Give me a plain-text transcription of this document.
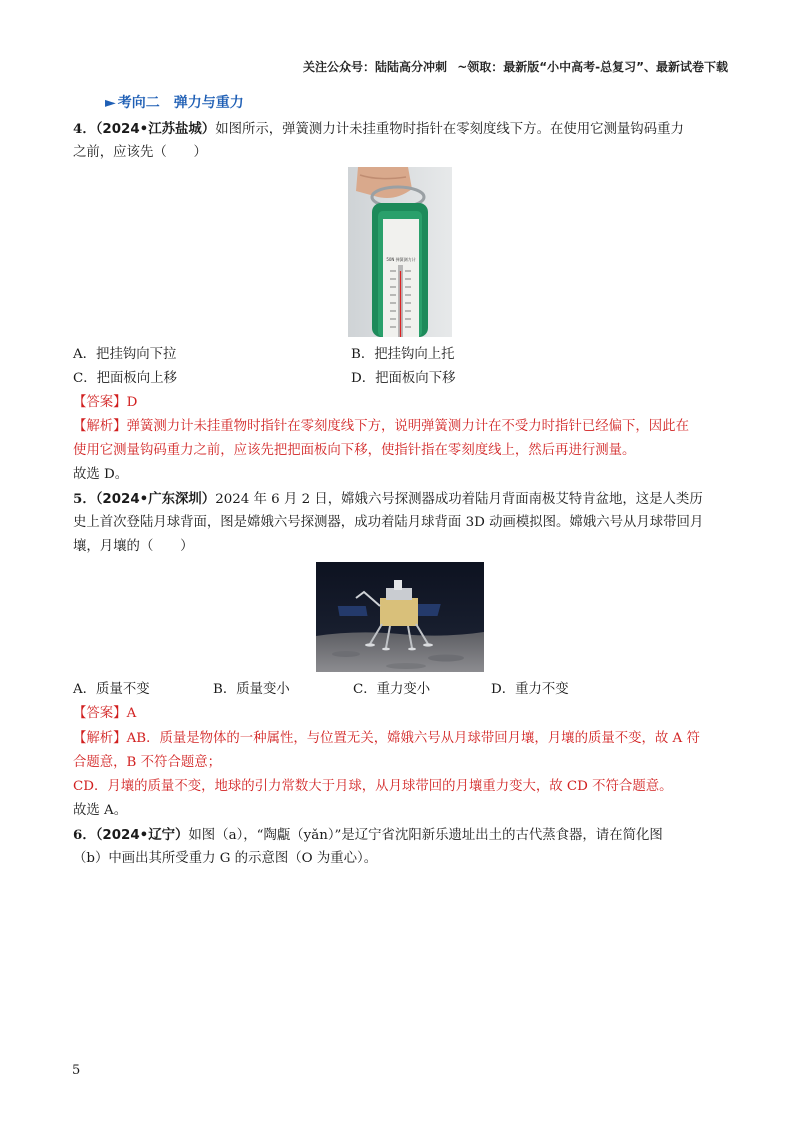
关注公众号：陆陆高分冲刺 ~领取：最新版“小中高考-总复习”、最新试卷下载
► 考向二　弹力与重力
4．（2024•江苏盐城）如图所示，弹簧测力计未挂重物时指针在零刻度线下方。在使用它测量钩码重力
之前，应该先（　　）
50N 弹簧测力计
A．把挂钩向下拉	B．把挂钩向上托
C．把面板向上移	D．把面板向下移
【答案】D
【解析】弹簧测力计未挂重物时指针在零刻度线下方，说明弹簧测力计在不受力时指针已经偏下，因此在
使用它测量钩码重力之前，应该先把把面板向下移，使指针指在零刻度线上，然后再进行测量。
故选 D。
5．（2024•广东深圳）2024 年 6 月 2 日，嫦娥六号探测器成功着陆月背面南极艾特肯盆地，这是人类历
史上首次登陆月球背面，图是嫦娥六号探测器，成功着陆月球背面 3D 动画模拟图。嫦娥六号从月球带回月
壤，月壤的（　　）
A．质量不变	B．质量变小	C．重力变小	D．重力不变
【答案】A
【解析】AB．质量是物体的一种属性，与位置无关，嫦娥六号从月球带回月壤，月壤的质量不变，故 A 符
合题意，B 不符合题意；
CD．月壤的质量不变，地球的引力常数大于月球，从月球带回的月壤重力变大，故 CD 不符合题意。
故选 A。
6．（2024•辽宁）如图（a），“陶甗（yǎn）”是辽宁省沈阳新乐遗址出土的古代蒸食器，请在简化图
（b）中画出其所受重力 G 的示意图（O 为重心）。
5
